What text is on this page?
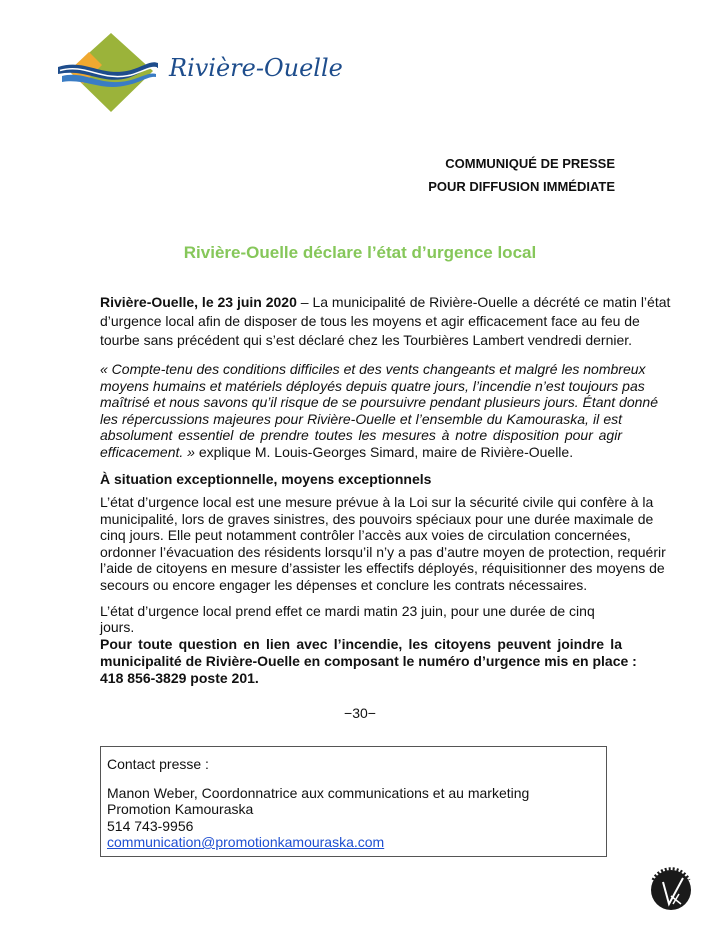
Rivière-Ouelle
COMMUNIQUÉ DE PRESSE
POUR DIFFUSION IMMÉDIATE
Rivière-Ouelle déclare l’état d’urgence local
Rivière-Ouelle, le 23 juin 2020 – La municipalité de Rivière-Ouelle a décrété ce matin l’état
d’urgence local afin de disposer de tous les moyens et agir efficacement face au feu de
tourbe sans précédent qui s’est déclaré chez les Tourbières Lambert vendredi dernier.
« Compte-tenu des conditions difficiles et des vents changeants et malgré les nombreux
moyens humains et matériels déployés depuis quatre jours, l’incendie n’est toujours pas
maîtrisé et nous savons qu’il risque de se poursuivre pendant plusieurs jours. Étant donné
les répercussions majeures pour Rivière-Ouelle et l’ensemble du Kamouraska, il est
absolument essentiel de prendre toutes les mesures à notre disposition pour agir
efficacement. » explique M. Louis-Georges Simard, maire de Rivière-Ouelle.
À situation exceptionnelle, moyens exceptionnels
L’état d’urgence local est une mesure prévue à la Loi sur la sécurité civile qui confère à la
municipalité, lors de graves sinistres, des pouvoirs spéciaux pour une durée maximale de
cinq jours. Elle peut notamment contrôler l’accès aux voies de circulation concernées,
ordonner l’évacuation des résidents lorsqu’il n’y a pas d’autre moyen de protection, requérir
l’aide de citoyens en mesure d’assister les effectifs déployés, réquisitionner des moyens de
secours ou encore engager les dépenses et conclure les contrats nécessaires.
L’état d’urgence local prend effet ce mardi matin 23 juin, pour une durée de cinq jours.
Pour toute question en lien avec l’incendie, les citoyens peuvent joindre la
municipalité de Rivière-Ouelle en composant le numéro d’urgence mis en place :
418 856-3829 poste 201.
−30−
Contact presse :
Manon Weber, Coordonnatrice aux communications et au marketing
Promotion Kamouraska
514 743-9956
communication@promotionkamouraska.com
